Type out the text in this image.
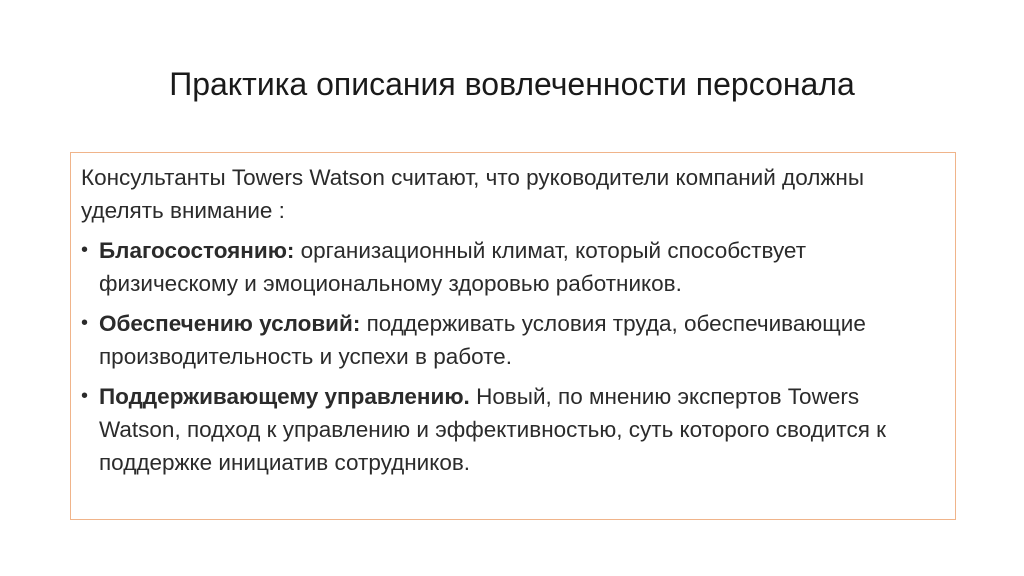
Практика описания вовлеченности персонала

Консультанты Towers Watson считают, что руководители компаний должны уделять внимание :

• Благосостоянию: организационный климат, который способствует физическому и эмоциональному здоровью работников.
• Обеспечению условий: поддерживать условия труда, обеспечивающие производительность и успехи в работе.
• Поддерживающему управлению. Новый, по мнению экспертов Towers Watson, подход к управлению и эффективностью, суть которого сводится к поддержке инициатив сотрудников.
